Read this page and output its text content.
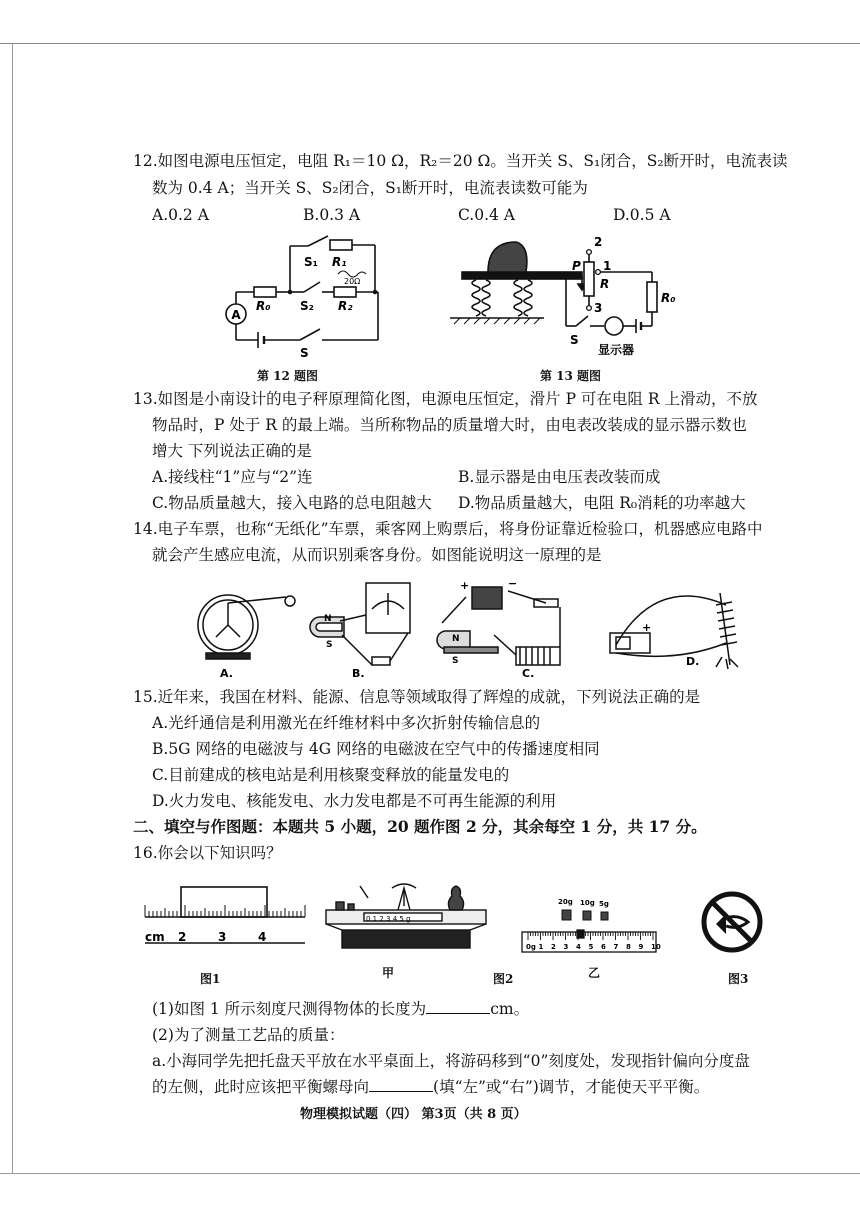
12.如图电源电压恒定，电阻 R₁＝10 Ω，R₂＝20 Ω。当开关 S、S₁闭合，S₂断开时，电流表读
数为 0.4 A；当开关 S、S₂闭合，S₁断开时，电流表读数可能为
A.0.2 A	B.0.3 A	C.0.4 A	D.0.5 A
A
R₀
R₁
R₂
S₁
S₂
S
20Ω
第 12 题图
P
R
2
1
3
R₀
S
显示器
第 13 题图
13.如图是小南设计的电子秤原理简化图，电源电压恒定，滑片 P 可在电阻 R 上滑动，不放
物品时，P 处于 R 的最上端。当所称物品的质量增大时，由电表改装成的显示器示数也
增大 下列说法正确的是
A.接线柱“1”应与“2”连	B.显示器是由电压表改装而成
C.物品质量越大，接入电路的总电阻越大 D.物品质量越大，电阻 R₀消耗的功率越大
14.电子车票，也称“无纸化”车票，乘客网上购票后，将身份证靠近检验口，机器感应电路中
就会产生感应电流，从而识别乘客身份。如图能说明这一原理的是
N
S
N
S
+	−
+
A.	B.	C.
D.
15.近年来，我国在材料、能源、信息等领域取得了辉煌的成就，下列说法正确的是
A.光纤通信是利用激光在纤维材料中多次折射传输信息的
B.5G 网络的电磁波与 4G 网络的电磁波在空气中的传播速度相同
C.目前建成的核电站是利用核聚变释放的能量发电的
D.火力发电、核能发电、水力发电都是不可再生能源的利用
二、填空与作图题：本题共 5 小题，20 题作图 2 分，其余每空 1 分，共 17 分。
16.你会以下知识吗？
cm 2	3	4
图1
0 1 2 3 4 5 g
甲	图2
20g 10g 5g
0g 1 2 3 4 5 6 7 8 9 10
乙	图3
(1)如图 1 所示刻度尺测得物体的长度为	cm。
(2)为了测量工艺品的质量：
a.小海同学先把托盘天平放在水平桌面上，将游码移到“0”刻度处，发现指针偏向分度盘
的左侧，此时应该把平衡螺母向	(填“左”或“右”)调节，才能使天平平衡。
物理模拟试题（四） 第3页（共 8 页）
